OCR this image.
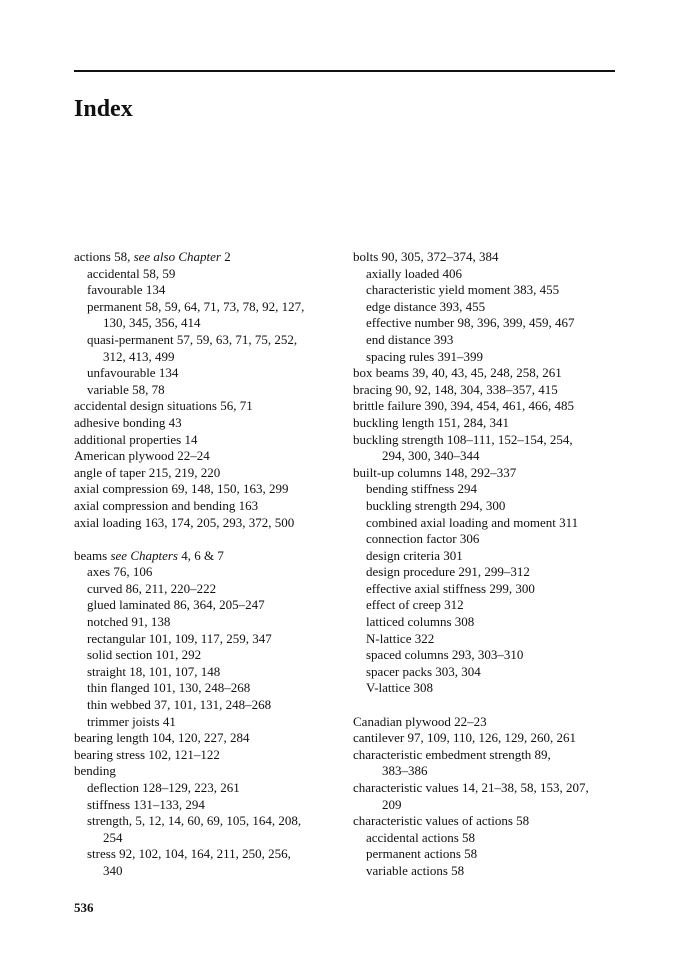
Index
actions 58, see also Chapter 2
accidental 58, 59
favourable 134
permanent 58, 59, 64, 71, 73, 78, 92, 127,
130, 345, 356, 414
quasi-permanent 57, 59, 63, 71, 75, 252,
312, 413, 499
unfavourable 134
variable 58, 78
accidental design situations 56, 71
adhesive bonding 43
additional properties 14
American plywood 22–24
angle of taper 215, 219, 220
axial compression 69, 148, 150, 163, 299
axial compression and bending 163
axial loading 163, 174, 205, 293, 372, 500
beams see Chapters 4, 6 & 7
axes 76, 106
curved 86, 211, 220–222
glued laminated 86, 364, 205–247
notched 91, 138
rectangular 101, 109, 117, 259, 347
solid section 101, 292
straight 18, 101, 107, 148
thin flanged 101, 130, 248–268
thin webbed 37, 101, 131, 248–268
trimmer joists 41
bearing length 104, 120, 227, 284
bearing stress 102, 121–122
bending
deflection 128–129, 223, 261
stiffness 131–133, 294
strength, 5, 12, 14, 60, 69, 105, 164, 208,
254
stress 92, 102, 104, 164, 211, 250, 256,
340
bolts 90, 305, 372–374, 384
axially loaded 406
characteristic yield moment 383, 455
edge distance 393, 455
effective number 98, 396, 399, 459, 467
end distance 393
spacing rules 391–399
box beams 39, 40, 43, 45, 248, 258, 261
bracing 90, 92, 148, 304, 338–357, 415
brittle failure 390, 394, 454, 461, 466, 485
buckling length 151, 284, 341
buckling strength 108–111, 152–154, 254,
294, 300, 340–344
built-up columns 148, 292–337
bending stiffness 294
buckling strength 294, 300
combined axial loading and moment 311
connection factor 306
design criteria 301
design procedure 291, 299–312
effective axial stiffness 299, 300
effect of creep 312
latticed columns 308
N-lattice 322
spaced columns 293, 303–310
spacer packs 303, 304
V-lattice 308
Canadian plywood 22–23
cantilever 97, 109, 110, 126, 129, 260, 261
characteristic embedment strength 89,
383–386
characteristic values 14, 21–38, 58, 153, 207,
209
characteristic values of actions 58
accidental actions 58
permanent actions 58
variable actions 58
536
